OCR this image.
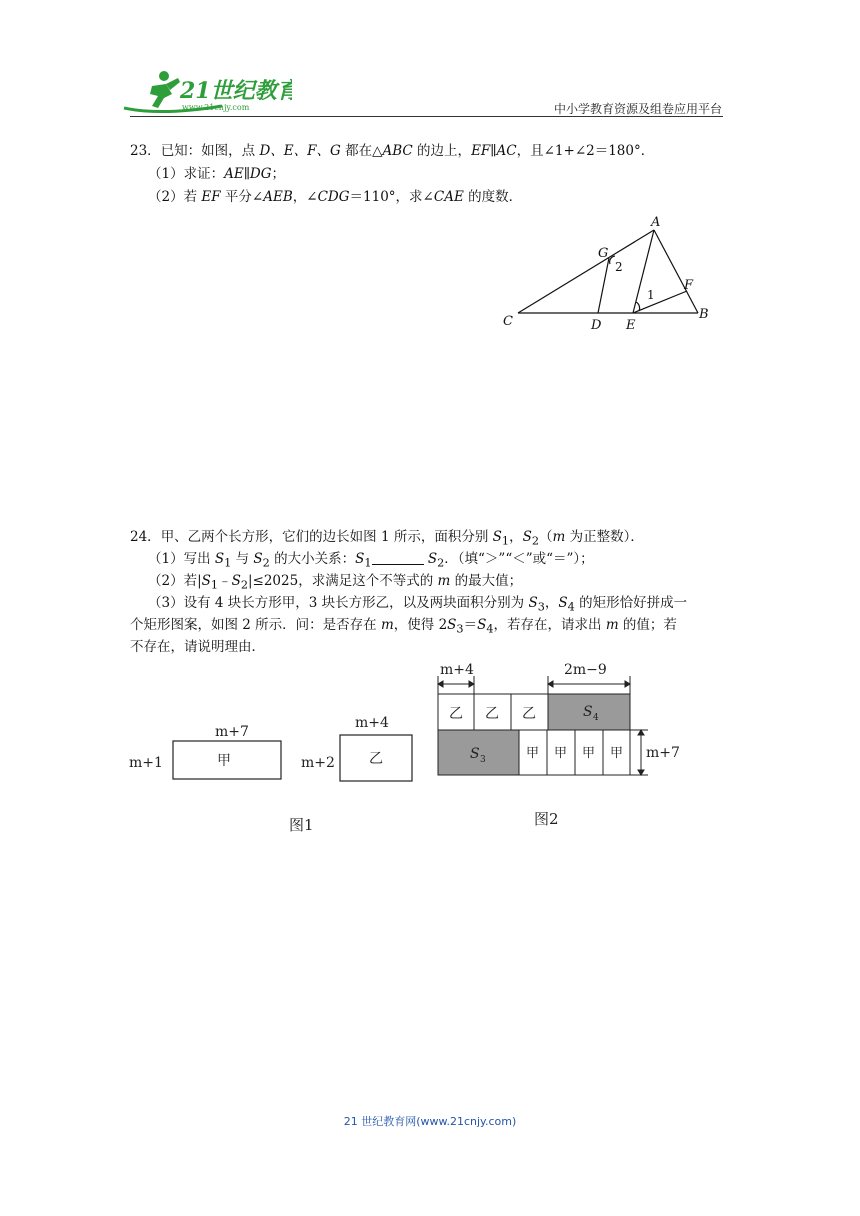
21世纪教育
www.21cnjy.com	中小学教育资源及组卷应用平台
23．已知：如图，点 D、E、F、G 都在△ABC 的边上，EF∥AC，且∠1+∠2＝180°．
（1）求证：AE∥DG；
（2）若 EF 平分∠AEB，∠CDG＝110°，求∠CAE 的度数．
A
B
C	D E
F
G
2
1
24．甲、乙两个长方形，它们的边长如图 1 所示，面积分别 $S_1$，$S_2(m$ 为正整数）．
（1）写出 $S_1$ 与 $S_2$ 的大小关系：$S_1$	$S_2$．（填“＞”“＜”或“＝”）；
（2）若$|S_1﹣S_2|\le 2025$，求满足这个不等式的 m 的最大值；
（3）设有 4 块长方形甲，3 块长方形乙，以及两块面积分别为 $S_3$，$S_4$ 的矩形恰好拼成一
个矩形图案，如图 2 所示．问：是否存在 m，使得 $2S_3=S_4$，若存在，请求出 m 的值；若
不存在，请说明理由．
m+7
m+1	甲
m+4
m+2 乙
图1
m+4	2m−9
m+7
乙 乙 乙
甲 甲 甲 甲
S 3
S 4
图2
21 世纪教育网(www.21cnjy.com)
